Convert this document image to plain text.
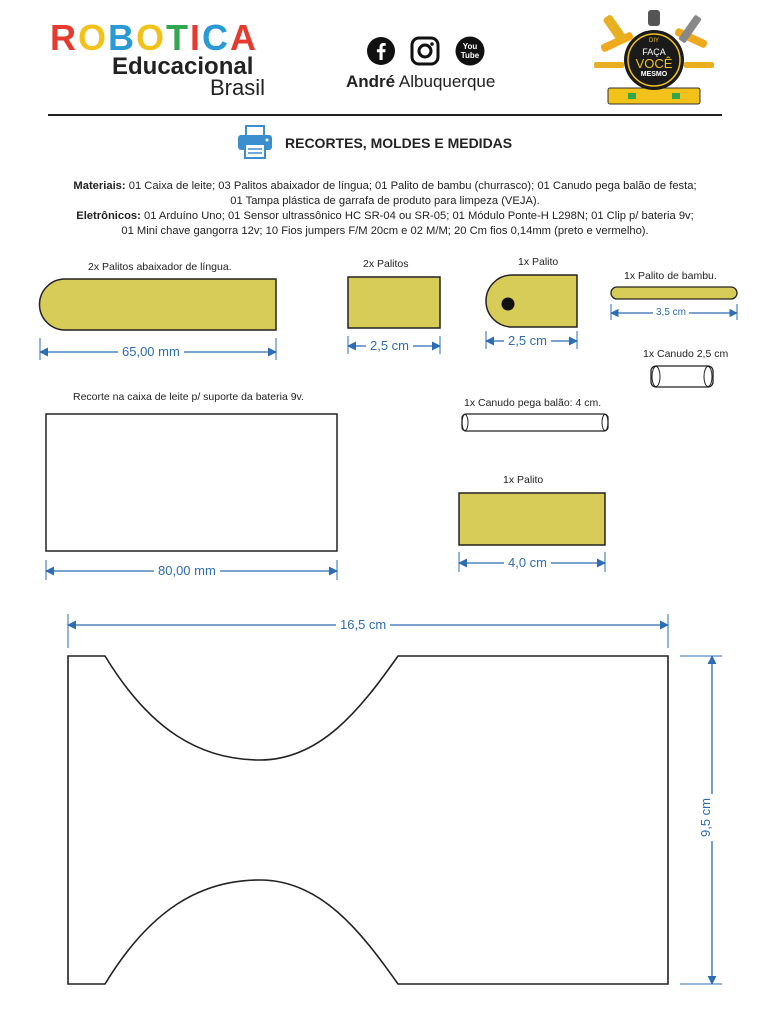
ROBOTICA
Educacional
Brasil
You
Tube
André Albuquerque
DIY
FAÇA
VOCÊ
MESMO
RECORTES, MOLDES E MEDIDAS
Materiais: 01 Caixa de leite; 03 Palitos abaixador de língua; 01 Palito de bambu (churrasco); 01 Canudo pega balão de festa;
01 Tampa plástica de garrafa de produto para limpeza (VEJA).
Eletrônicos: 01 Arduíno Uno; 01 Sensor ultrassônico HC SR-04 ou SR-05; 01 Módulo Ponte-H L298N; 01 Clip p/ bateria 9v;
01 Mini chave gangorra 12v; 10 Fios jumpers F/M 20cm e 02 M/M; 20 Cm fios 0,14mm (preto e vermelho).
2x Palitos abaixador de língua.
65,00 mm
2x Palitos
2,5 cm
1x Palito
2,5 cm
1x Palito de bambu.
3,5 cm
1x Canudo 2,5 cm
Recorte na caixa de leite p/ suporte da bateria 9v.
80,00 mm
1x Canudo pega balão: 4 cm.
1x Palito
4,0 cm
16,5 cm
9,5 cm
